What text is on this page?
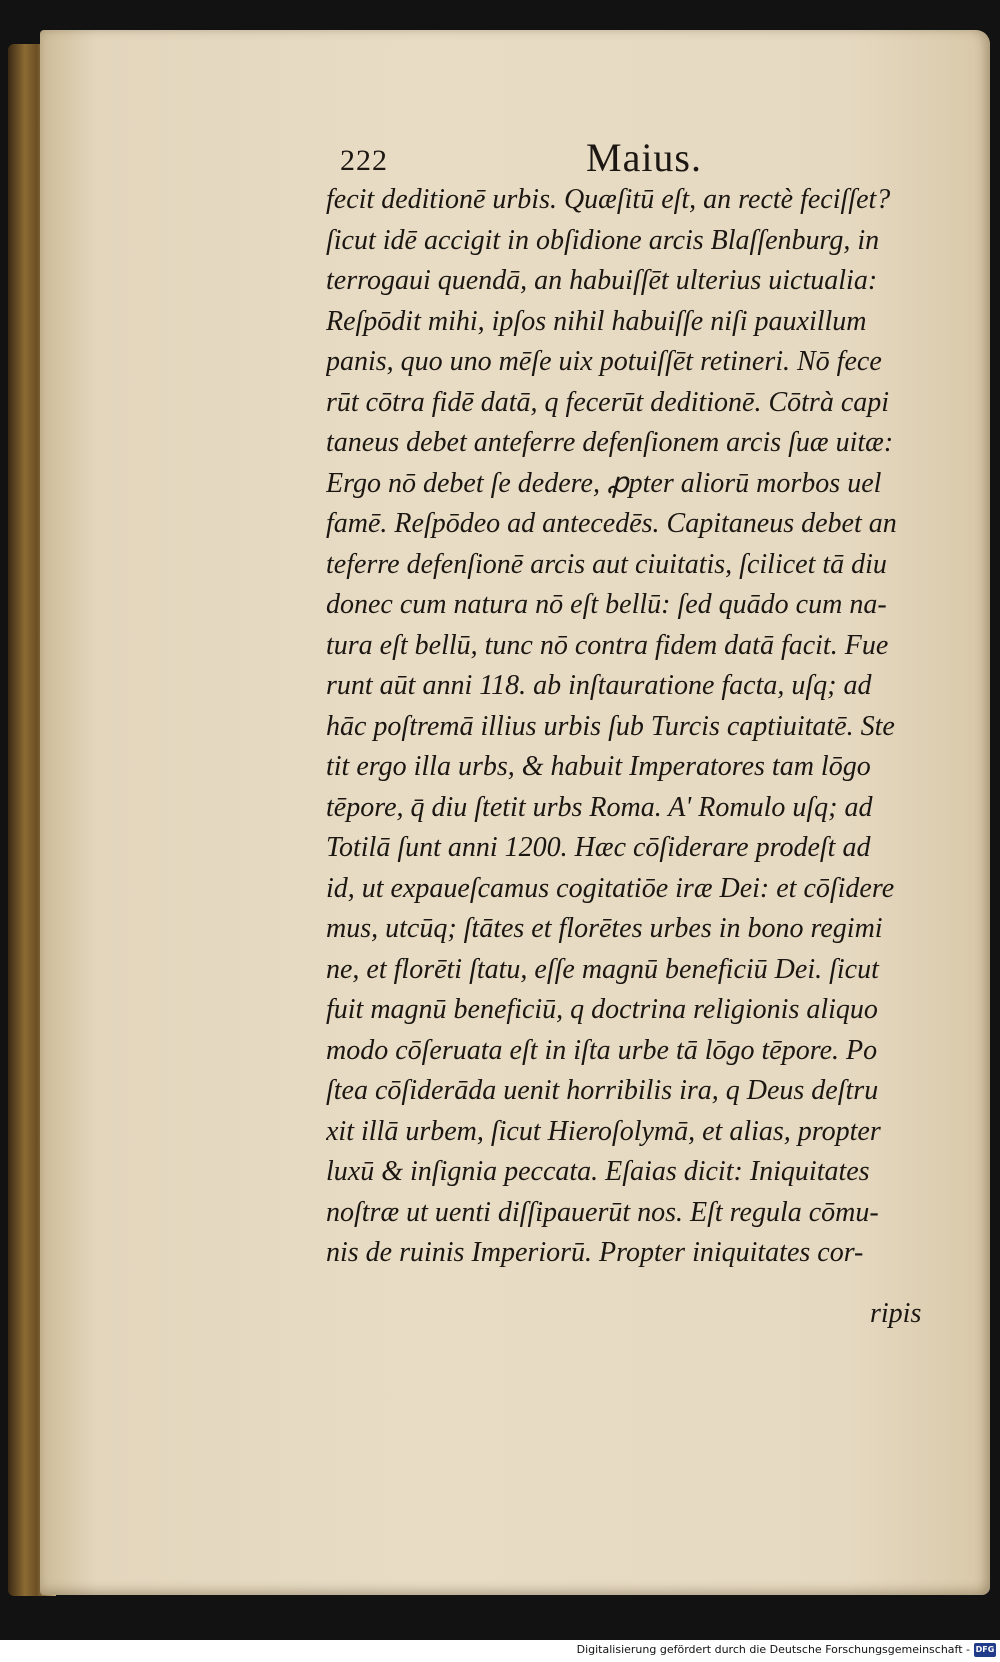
222	Maius.
fecit deditionē urbis. Quæſitū eſt, an rectè feciſſet?
ſicut idē accigit in obſidione arcis Blaſſenburg, in
terrogaui quendā, an habuiſſēt ulterius uictualia:
Reſpōdit mihi, ipſos nihil habuiſſe niſi pauxillum
panis, quo uno mēſe uix potuiſſēt retineri. Nō fece
rūt cōtra fidē datā, q fecerūt deditionē. Cōtrà capi
taneus debet anteferre defenſionem arcis ſuæ uitæ:
Ergo nō debet ſe dedere, ꝓpter aliorū morbos uel
famē. Reſpōdeo ad antecedēs. Capitaneus debet an
teferre defenſionē arcis aut ciuitatis, ſcilicet tā diu
donec cum natura nō eſt bellū: ſed quādo cum na-
tura eſt bellū, tunc nō contra fidem datā facit. Fue
runt aūt anni 118. ab inſtauratione facta, uſq; ad
hāc poſtremā illius urbis ſub Turcis captiuitatē. Ste
tit ergo illa urbs, & habuit Imperatores tam lōgo
tēpore, q̄ diu ſtetit urbs Roma. A' Romulo uſq; ad
Totilā ſunt anni 1200. Hæc cōſiderare prodeſt ad
id, ut expaueſcamus cogitatiōe iræ Dei: et cōſidere
mus, utcūq; ſtātes et florētes urbes in bono regimi
ne, et florēti ſtatu, eſſe magnū beneficiū Dei. ſicut
fuit magnū beneficiū, q doctrina religionis aliquo
modo cōſeruata eſt in iſta urbe tā lōgo tēpore. Po
ſtea cōſiderāda uenit horribilis ira, q Deus deſtru
xit illā urbem, ſicut Hieroſolymā, et alias, propter
luxū & inſignia peccata. Eſaias dicit: Iniquitates
noſtræ ut uenti diſſipauerūt nos. Eſt regula cōmu-
nis de ruinis Imperiorū. Propter iniquitates cor-
ripis
Digitalisierung gefördert durch die Deutsche Forschungsgemeinschaft - DFG
